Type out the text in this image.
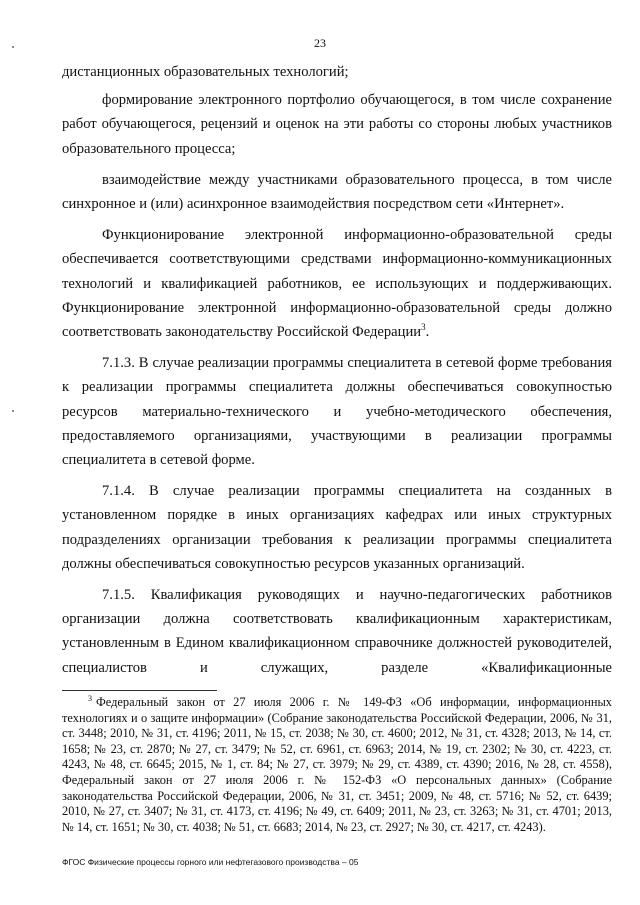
23

дистанционных образовательных технологий;

формирование электронного портфолио обучающегося, в том числе сохранение работ обучающегося, рецензий и оценок на эти работы со стороны любых участников образовательного процесса;

взаимодействие между участниками образовательного процесса, в том числе синхронное и (или) асинхронное взаимодействия посредством сети «Интернет».

Функционирование электронной информационно-образовательной среды обеспечивается соответствующими средствами информационно-коммуникационных технологий и квалификацией работников, ее использующих и поддерживающих. Функционирование электронной информационно-образовательной среды должно соответствовать законодательству Российской Федерации$^3$.

7.1.3. В случае реализации программы специалитета в сетевой форме требования к реализации программы специалитета должны обеспечиваться совокупностью ресурсов материально-технического и учебно-методического обеспечения, предоставляемого организациями, участвующими в реализации программы специалитета в сетевой форме.

7.1.4. В случае реализации программы специалитета на созданных в установленном порядке в иных организациях кафедрах или иных структурных подразделениях организации требования к реализации программы специалитета должны обеспечиваться совокупностью ресурсов указанных организаций.

7.1.5. Квалификация руководящих и научно-педагогических работников организации должна соответствовать квалификационным характеристикам, установленным в Едином квалификационном справочнике должностей руководителей, специалистов и служащих, разделе «Квалификационные

$^3$ Федеральный закон от 27 июля 2006 г. № 149-ФЗ «Об информации, информационных технологиях и о защите информации» (Собрание законодательства Российской Федерации, 2006, № 31, ст. 3448; 2010, № 31, ст. 4196; 2011, № 15, ст. 2038; № 30, ст. 4600; 2012, № 31, ст. 4328; 2013, № 14, ст. 1658; № 23, ст. 2870; № 27, ст. 3479; № 52, ст. 6961, ст. 6963; 2014, № 19, ст. 2302; № 30, ст. 4223, ст. 4243, № 48, ст. 6645; 2015, № 1, ст. 84; № 27, ст. 3979; № 29, ст. 4389, ст. 4390; 2016, № 28, ст. 4558), Федеральный закон от 27 июля 2006 г. № 152-ФЗ «О персональных данных» (Собрание законодательства Российской Федерации, 2006, № 31, ст. 3451; 2009, № 48, ст. 5716; № 52, ст. 6439; 2010, № 27, ст. 3407; № 31, ст. 4173, ст. 4196; № 49, ст. 6409; 2011, № 23, ст. 3263; № 31, ст. 4701; 2013, № 14, ст. 1651; № 30, ст. 4038; № 51, ст. 6683; 2014, № 23, ст. 2927; № 30, ст. 4217, ст. 4243).
ФГОС Физические процессы горного или нефтегазового производства – 05
